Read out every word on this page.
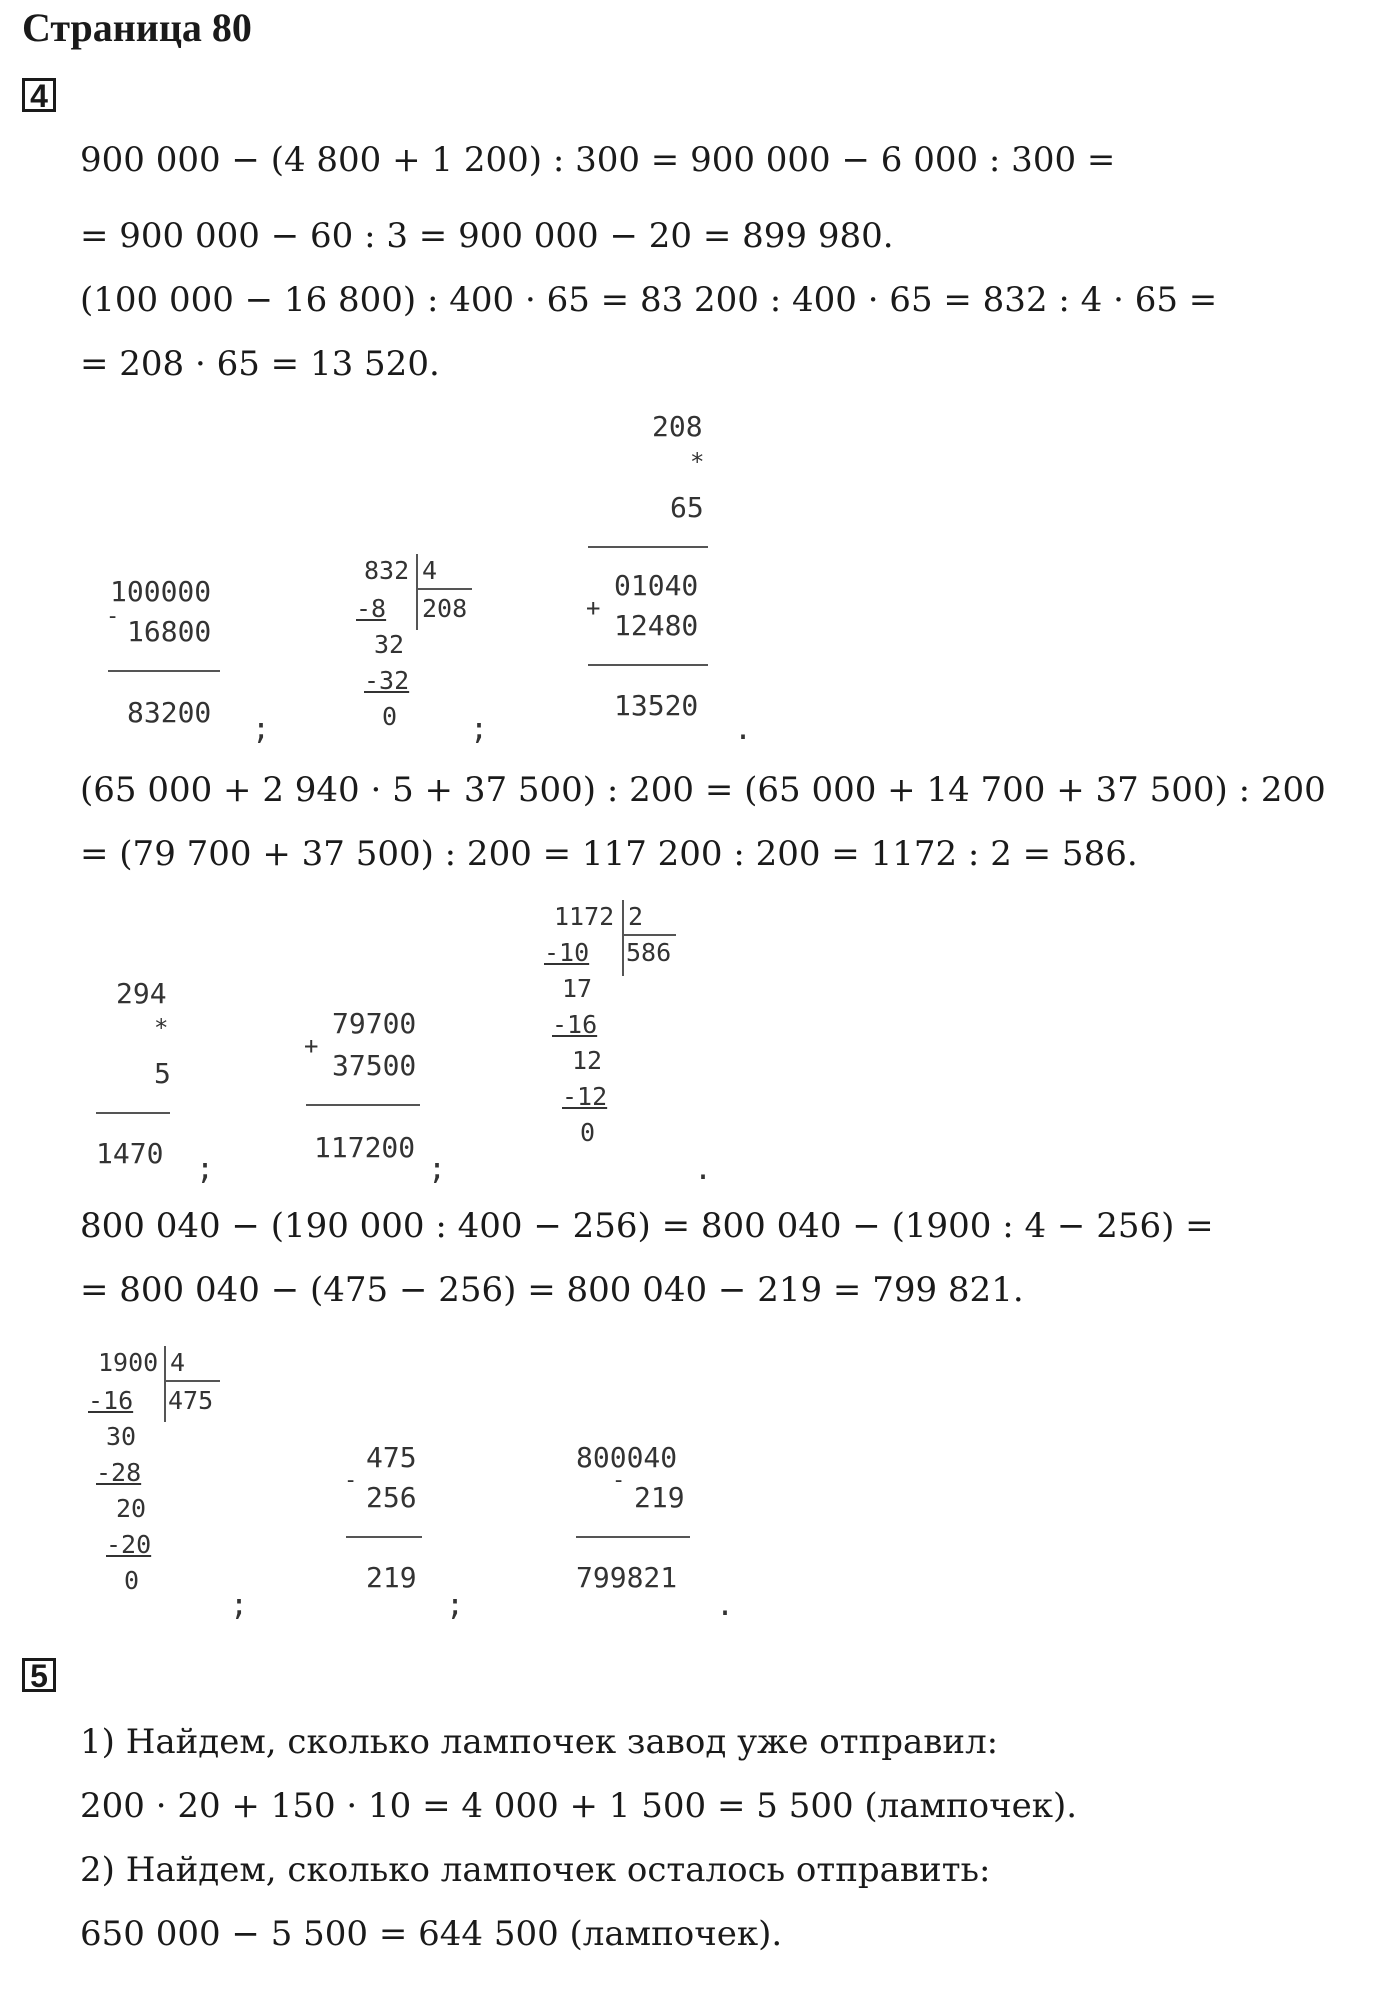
Страница 80
4
900 000 − (4 800 + 1 200) : 300 = 900 000 − 6 000 : 300 =
= 900 000 − 60 : 3 = 900 000 − 20 = 899 980.
(100 000 − 16 800) : 400 · 65 = 83 200 : 400 · 65 = 832 : 4 · 65 =
= 208 · 65 = 13 520.

100000

-

16800

83200 ;

832

4

-8

208

32

-32

0 ;

208

*

65

01040

+

12480

13520

.
(65 000 + 2 940 · 5 + 37 500) : 200 = (65 000 + 14 700 + 37 500) : 200
= (79 700 + 37 500) : 200 = 117 200 : 200 = 1172 : 2 = 586.

294

*

5

1470 ;

79700

+

37500

117200

;

1172

2

-10

586

17

-16

12

-12

0

.
800 040 − (190 000 : 400 − 256) = 800 040 − (1900 : 4 − 256) =
= 800 040 − (475 − 256) = 800 040 − 219 = 799 821.

1900

4

-16

475

30

-28

20

-20

0

;

475

-

256

219

;

800040

-

219

799821

.
5
1) Найдем, сколько лампочек завод уже отправил:
200 · 20 + 150 · 10 = 4 000 + 1 500 = 5 500 (лампочек).
2) Найдем, сколько лампочек осталось отправить:
650 000 − 5 500 = 644 500 (лампочек).
